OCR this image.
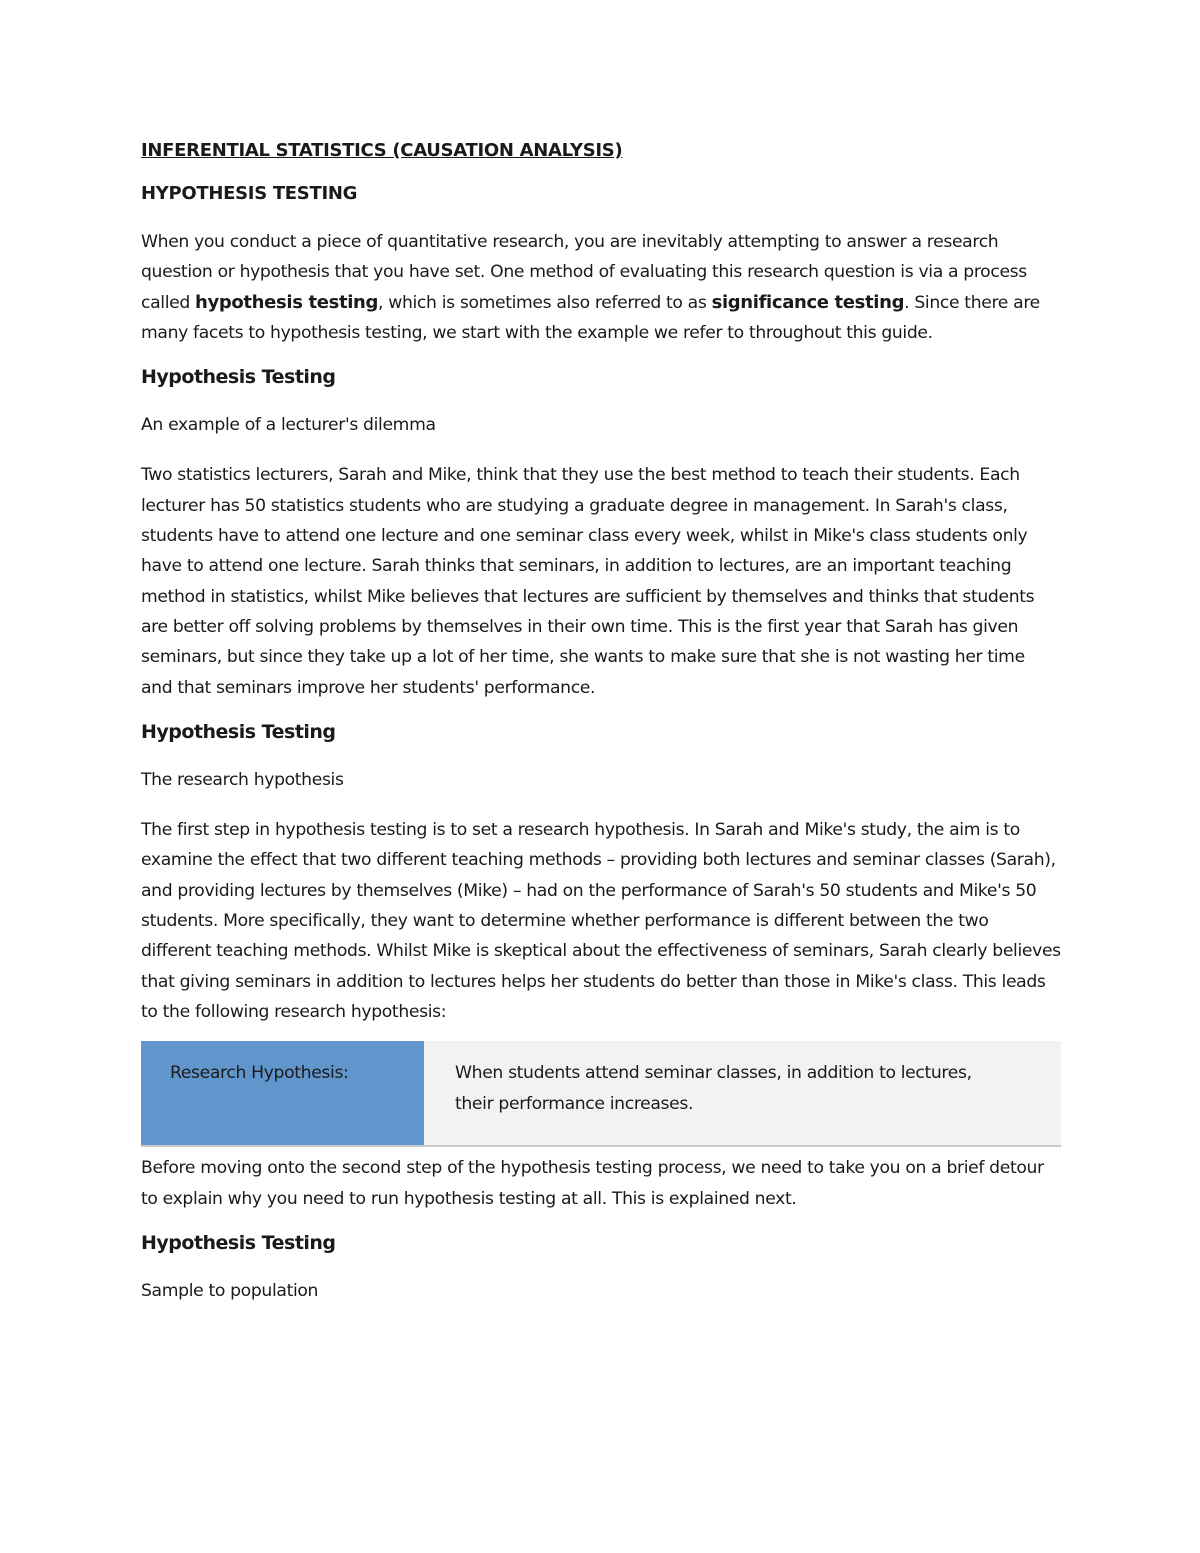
INFERENTIAL STATISTICS (CAUSATION ANALYSIS)
HYPOTHESIS TESTING

When you conduct a piece of quantitative research, you are inevitably attempting to answer a research question or hypothesis that you have set. One method of evaluating this research question is via a process called hypothesis testing, which is sometimes also referred to as significance testing. Since there are many facets to hypothesis testing, we start with the example we refer to throughout this guide.

Hypothesis Testing

An example of a lecturer's dilemma

Two statistics lecturers, Sarah and Mike, think that they use the best method to teach their students. Each lecturer has 50 statistics students who are studying a graduate degree in management. In Sarah's class, students have to attend one lecture and one seminar class every week, whilst in Mike's class students only have to attend one lecture. Sarah thinks that seminars, in addition to lectures, are an important teaching method in statistics, whilst Mike believes that lectures are sufficient by themselves and thinks that students are better off solving problems by themselves in their own time. This is the first year that Sarah has given seminars, but since they take up a lot of her time, she wants to make sure that she is not wasting her time and that seminars improve her students' performance.

Hypothesis Testing

The research hypothesis

The first step in hypothesis testing is to set a research hypothesis. In Sarah and Mike's study, the aim is to examine the effect that two different teaching methods – providing both lectures and seminar classes (Sarah), and providing lectures by themselves (Mike) – had on the performance of Sarah's 50 students and Mike's 50 students. More specifically, they want to determine whether performance is different between the two different teaching methods. Whilst Mike is skeptical about the effectiveness of seminars, Sarah clearly believes that giving seminars in addition to lectures helps her students do better than those in Mike's class. This leads to the following research hypothesis:

Research Hypothesis:	When students attend seminar classes, in addition to lectures, their performance increases.

Before moving onto the second step of the hypothesis testing process, we need to take you on a brief detour to explain why you need to run hypothesis testing at all. This is explained next.

Hypothesis Testing

Sample to population
